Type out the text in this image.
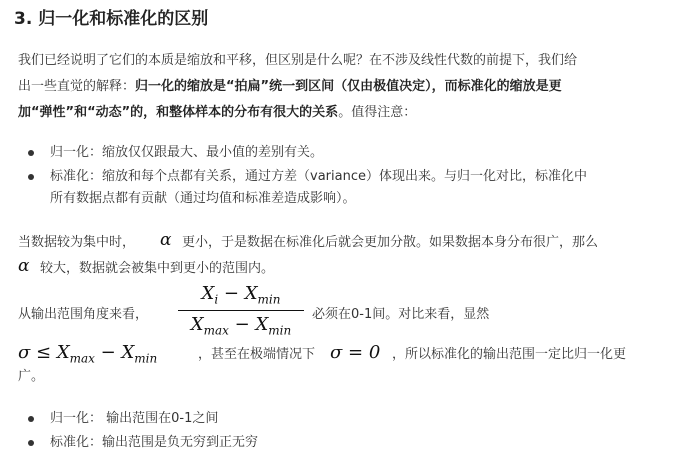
3. 归一化和标准化的区别
我们已经说明了它们的本质是缩放和平移，但区别是什么呢？在不涉及线性代数的前提下，我们给
出一些直觉的解释：归一化的缩放是“拍扁”统一到区间（仅由极值决定），而标准化的缩放是更
加“弹性”和“动态”的，和整体样本的分布有很大的关系。值得注意：
归一化：缩放仅仅跟最大、最小值的差别有关。
标准化：缩放和每个点都有关系，通过方差（variance）体现出来。与归一化对比，标准化中
所有数据点都有贡献（通过均值和标准差造成影响）。
当数据较为集中时， α 更小，于是数据在标准化后就会更加分散。如果数据本身分布很广，那么
α 较大，数据就会被集中到更小的范围内。
从输出范围角度来看，
$X_i - X_{min}$
$X_{max} - X_{min}$
必须在0-1间。对比来看，显然
$\sigma \le X_{max} - X_{min}$	，甚至在极端情况下 σ = 0 ，所以标准化的输出范围一定比归一化更
广。
归一化： 输出范围在0-1之间
标准化：输出范围是负无穷到正无穷
